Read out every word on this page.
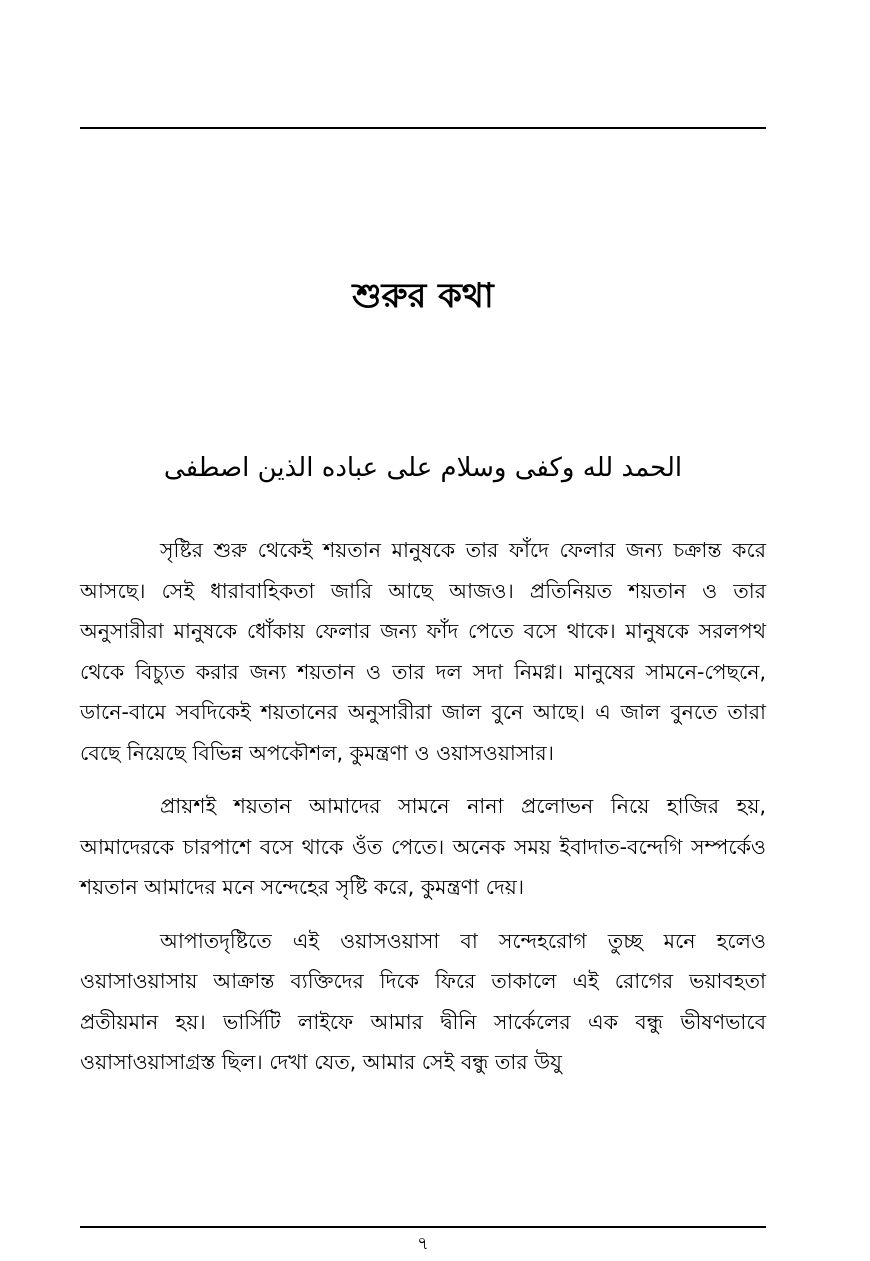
শুরুর কথা

الحمد لله وكفى وسلام على عباده الذين اصطفى

সৃষ্টির শুরু থেকেই শয়তান মানুষকে তার ফাঁদে ফেলার জন্য চক্রান্ত করে আসছে। সেই ধারাবাহিকতা জারি আছে আজও। প্রতিনিয়ত শয়তান ও তার অনুসারীরা মানুষকে ধোঁকায় ফেলার জন্য ফাঁদ পেতে বসে থাকে। মানুষকে সরলপথ থেকে বিচ্যুত করার জন্য শয়তান ও তার দল সদা নিমগ্ন। মানুষের সামনে-পেছনে, ডানে-বামে সবদিকেই শয়তানের অনুসারীরা জাল বুনে আছে। এ জাল বুনতে তারা বেছে নিয়েছে বিভিন্ন অপকৌশল, কুমন্ত্রণা ও ওয়াসওয়াসার।

প্রায়শই শয়তান আমাদের সামনে নানা প্রলোভন নিয়ে হাজির হয়, আমাদেরকে চারপাশে বসে থাকে ওঁত পেতে। অনেক সময় ইবাদাত-বন্দেগি সম্পর্কেও শয়তান আমাদের মনে সন্দেহের সৃষ্টি করে, কুমন্ত্রণা দেয়।

আপাতদৃষ্টিতে এই ওয়াসওয়াসা বা সন্দেহরোগ তুচ্ছ মনে হলেও ওয়াসাওয়াসায় আক্রান্ত ব্যক্তিদের দিকে ফিরে তাকালে এই রোগের ভয়াবহতা প্রতীয়মান হয়। ভার্সিটি লাইফে আমার দ্বীনি সার্কেলের এক বন্ধু ভীষণভাবে ওয়াসাওয়াসাগ্রস্ত ছিল। দেখা যেত, আমার সেই বন্ধু তার উযু

৭
